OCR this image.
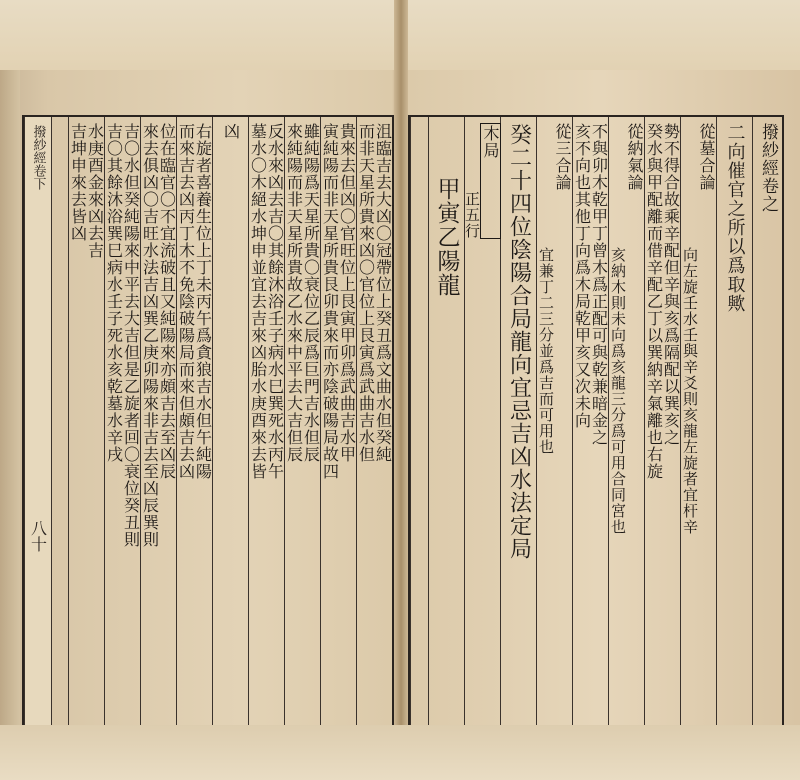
撥紗經卷之
二向催官之所以爲取歟
從墓合論
向左旋壬水壬與辛爻則亥龍左旋者宜杆辛
勢不得合故乘辛配但辛與亥爲隔配以巽亥之
癸水與甲配離而借辛配乙丁以巽納辛氣離也右旋
從納氣論
亥納木則未向爲亥龍三分爲可用合同宮也
不與卯木乾甲丁曾木爲正配可與乾兼暗金之
亥不向也其他丁向爲木局乾甲亥又次未向
從三合論
宜兼丁二三分並爲吉而可用也
癸二十四位陰陽合局龍向宜忌吉凶水法定局
木局
正五行
甲寅乙陽龍
沮臨吉去大凶〇冠帶位上癸丑爲文曲水但癸純
而非天星所貴來凶〇官位上艮寅爲武曲吉水但
貴來去但凶〇官旺位上艮寅甲卯爲武曲吉水甲
寅純陽而非天星所貴艮卯貴來而亦陰破陽局故四
雖純陽爲天星所貴〇衰位乙辰爲巨門吉水但辰
來純陽而非天星所貴故乙水來中平去大吉但辰
反水來凶去吉〇其餘沐浴壬子病水巳巽死水丙午
墓水〇木絕水坤申並宜去吉來凶胎水庚酉來去皆
凶
右旋者喜養生位上丁未丙午爲貪狼吉水但午純陽
而來吉去凶丙丁木不免陰破陽局而來但頗吉去凶
位在臨官〇不宜流破且又純陽來亦頗吉去至凶辰
來去俱凶〇吉旺水法吉凶巽乙庚卯陽來非吉去至凶辰巽則
吉〇水但癸純陽來中平去大吉但是乙旋者回〇衰位癸丑則
吉〇其餘沐浴巽巳病水壬子死水亥乾墓水辛戌
水庚酉金來凶去吉
吉坤申來去皆凶
撥紗經卷下
八十
